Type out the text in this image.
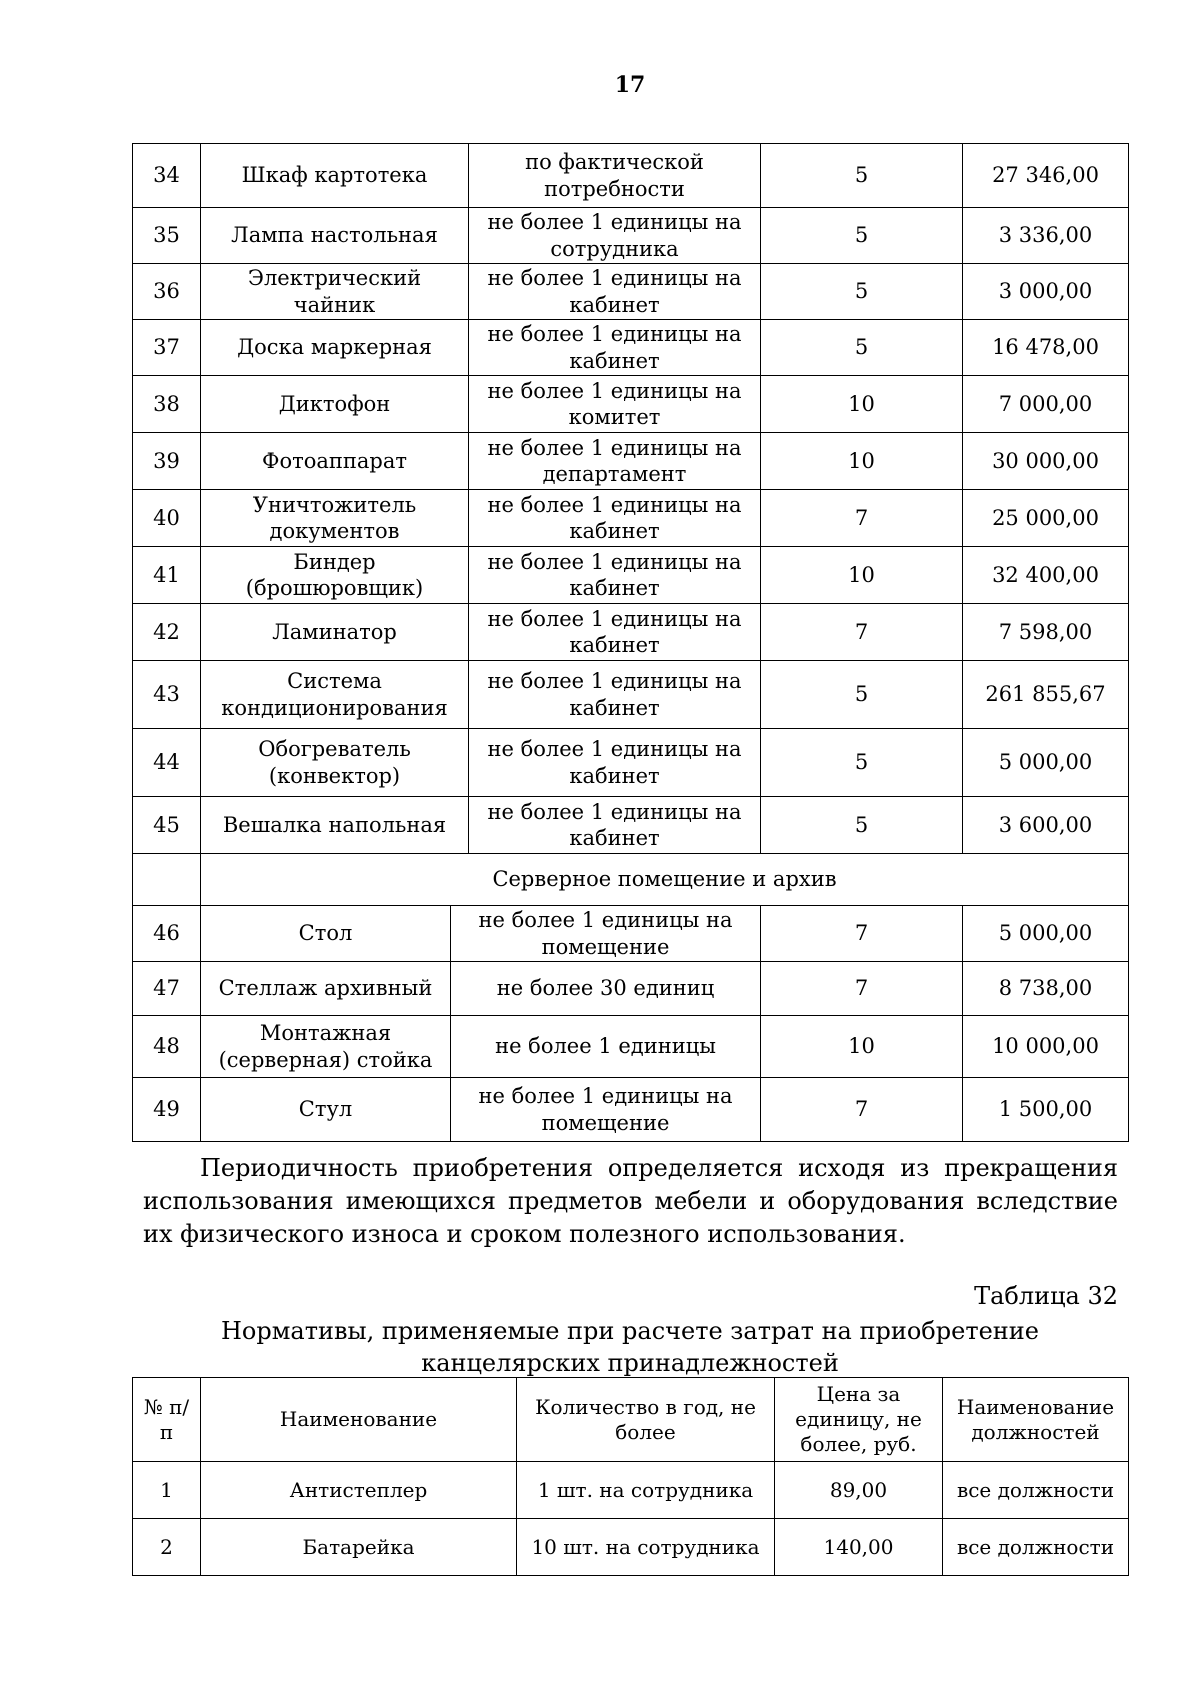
17
34	Шкаф картотека		по фактической потребности	5	27 346,00
35	Лампа настольная		не более 1 единицы на сотрудника	5	3 336,00
36	Электрический чайник		не более 1 единицы на кабинет	5	3 000,00
37	Доска маркерная		не более 1 единицы на кабинет	5	16 478,00
38	Диктофон		не более 1 единицы на комитет	10	7 000,00
39	Фотоаппарат		не более 1 единицы на департамент	10	30 000,00
40	Уничтожитель документов		не более 1 единицы на кабинет	7	25 000,00
41	Биндер (брошюровщик)		не более 1 единицы на кабинет	10	32 400,00
42	Ламинатор		не более 1 единицы на кабинет	7	7 598,00
43	Система кондиционирования		не более 1 единицы на кабинет	5	261 855,67
44	Обогреватель (конвектор)		не более 1 единицы на кабинет	5	5 000,00
45	Вешалка напольная		не более 1 единицы на кабинет	5	3 600,00
	Серверное помещение и архив				
46	Стол	не более 1 единицы на помещение		7	5 000,00
47	Стеллаж архивный	не более 30 единиц		7	8 738,00
48	Монтажная (серверная) стойка	не более 1 единицы		10	10 000,00
49	Стул	не более 1 единицы на помещение		7	1 500,00
Периодичность приобретения определяется исходя из прекращения использования имеющихся предметов мебели и оборудования вследствие их физического износа и сроком полезного использования.
Таблица 32
Нормативы, применяемые при расчете затрат на приобретение канцелярских принадлежностей
№ п/п	Наименование	Количество в год, не более	Цена за единицу, не более, руб.	Наименование должностей
1	Антистеплер	1 шт. на сотрудника	89,00	все должности
2	Батарейка	10 шт. на сотрудника	140,00	все должности
